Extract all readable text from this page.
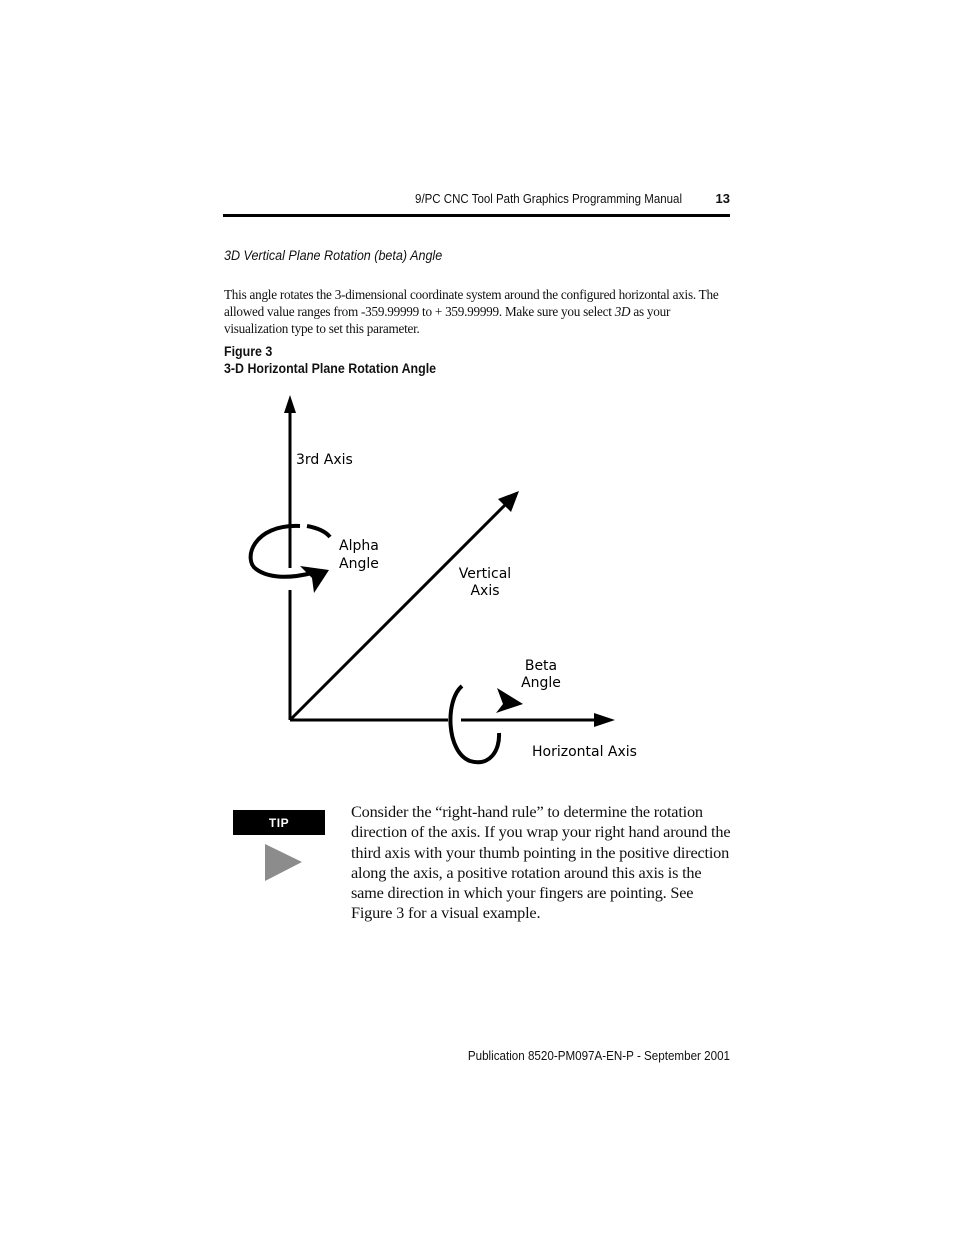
9/PC CNC Tool Path Graphics Programming Manual	13
3D Vertical Plane Rotation (beta) Angle
This angle rotates the 3-dimensional coordinate system around the configured horizontal axis. The allowed value ranges from -359.99999 to + 359.99999. Make sure you select 3D as your visualization type to set this parameter.
Figure 3
3-D Horizontal Plane Rotation Angle
3rd Axis
Alpha
Angle
Vertical
Axis
Beta
Angle
Horizontal Axis
TIP
Consider the “right-hand rule” to determine the rotation direction of the axis. If you wrap your right hand around the third axis with your thumb pointing in the positive direction along the axis, a positive rotation around this axis is the same direction in which your fingers are pointing. See Figure 3 for a visual example.
Publication 8520-PM097A-EN-P - September 2001
